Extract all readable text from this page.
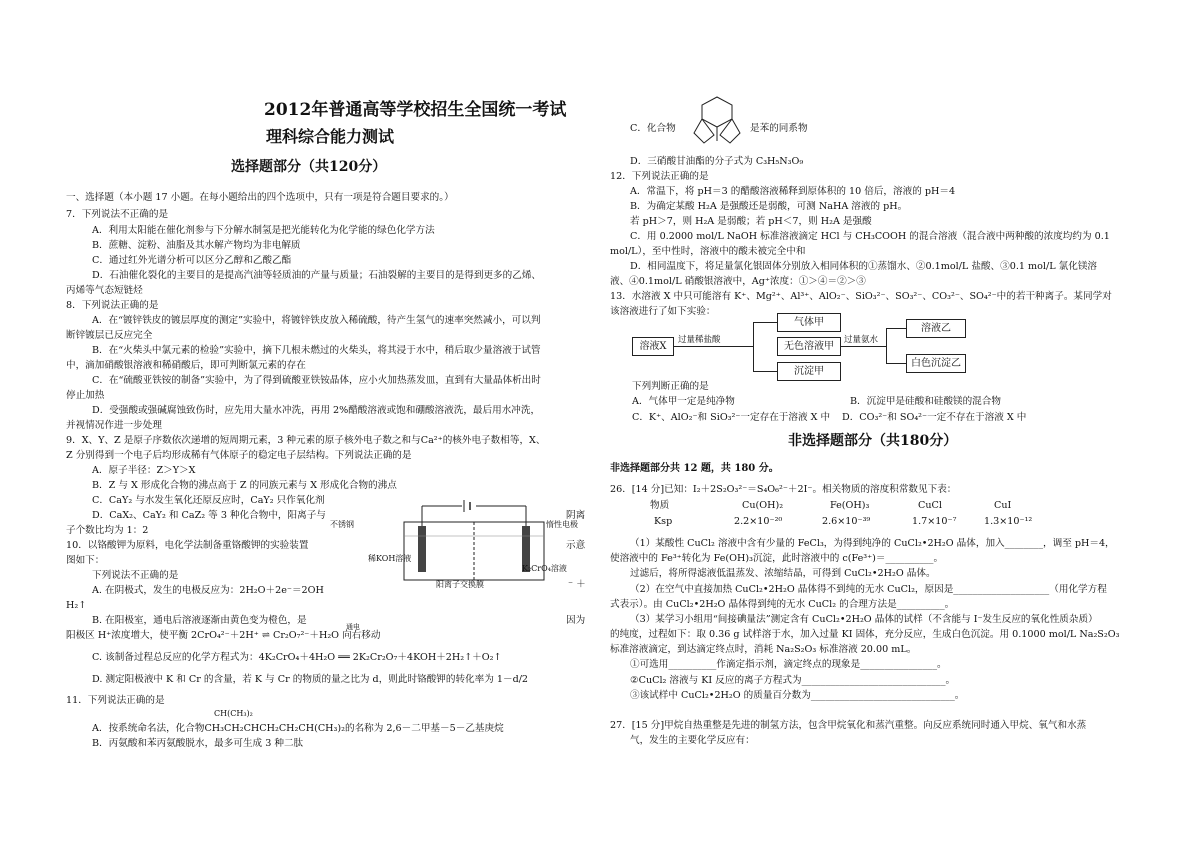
2012年普通高等学校招生全国统一考试
理科综合能力测试
选择题部分（共120分）
一、选择题（本小题 17 小题。在每小题给出的四个选项中，只有一项是符合题目要求的。）
7．下列说法不正确的是
A．利用太阳能在催化剂参与下分解水制氢是把光能转化为化学能的绿色化学方法
B．蔗糖、淀粉、油脂及其水解产物均为非电解质
C．通过红外光谱分析可以区分乙醇和乙酸乙酯
D．石油催化裂化的主要目的是提高汽油等轻质油的产量与质量；石油裂解的主要目的是得到更多的乙烯、
丙烯等气态短链烃
8．下列说法正确的是
A．在“镀锌铁皮的镀层厚度的测定”实验中，将镀锌铁皮放入稀硫酸，待产生氢气的速率突然减小，可以判
断锌镀层已反应完全
B．在“火柴头中氯元素的检验”实验中，摘下几根未燃过的火柴头，将其浸于水中，稍后取少量溶液于试管
中，滴加硝酸银溶液和稀硝酸后，即可判断氯元素的存在
C．在“硫酸亚铁铵的制备”实验中，为了得到硫酸亚铁铵晶体，应小火加热蒸发皿，直到有大量晶体析出时
停止加热
D．受强酸或强碱腐蚀致伤时，应先用大量水冲洗，再用 2%醋酸溶液或饱和硼酸溶液洗，最后用水冲洗，
并视情况作进一步处理
9．X、Y、Z 是原子序数依次递增的短周期元素，3 种元素的原子核外电子数之和与Ca²⁺的核外电子数相等，X、
Z 分别得到一个电子后均形成稀有气体原子的稳定电子层结构。下列说法正确的是
A．原子半径：Z＞Y＞X
B．Z 与 X 形成化合物的沸点高于 Z 的同族元素与 X 形成化合物的沸点
C．CaY₂ 与水发生氧化还原反应时，CaY₂ 只作氧化剂
D．CaX₂、CaY₂ 和 CaZ₂ 等 3 种化合物中，阳离子与	阴离
子个数比均为 1：2
10．以铬酸钾为原料，电化学法制备重铬酸钾的实验装置	示意
图如下：
下列说法不正确的是
A. 在阴极式，发生的电极反应为：2H₂O＋2e⁻＝2OH
⁻ ＋
H₂↑
B. 在阳极室，通电后溶液逐渐由黄色变为橙色，是	因为
阳极区 H⁺浓度增大，使平衡 2CrO₄²⁻＋2H⁺ ⇌ Cr₂O₇²⁻＋H₂O 向右移动
通电
C. 该制备过程总反应的化学方程式为：4K₂CrO₄＋4H₂O ══ 2K₂Cr₂O₇＋4KOH＋2H₂↑＋O₂↑
D. 测定阳极液中 K 和 Cr 的含量，若 K 与 Cr 的物质的量之比为 d，则此时铬酸钾的转化率为 1－d/2
11．下列说法正确的是
CH(CH₃)₂
A．按系统命名法，化合物CH₃CH₂CHCH₂CH₂CH(CH₃)₂的名称为 2,6－二甲基－5－乙基庚烷
B．丙氨酸和苯丙氨酸脱水，最多可生成 3 种二肽
不锈钢	惰性电极
稀KOH溶液
K₂CrO₄溶液
阳离子交换膜
C．化合物	是苯的同系物
D．三硝酸甘油酯的分子式为 C₃H₅N₃O₉
12．下列说法正确的是
A．常温下，将 pH＝3 的醋酸溶液稀释到原体积的 10 倍后，溶液的 pH＝4
B．为确定某酸 H₂A 是强酸还是弱酸，可测 NaHA 溶液的 pH。
若 pH＞7，则 H₂A 是弱酸；若 pH＜7，则 H₂A 是强酸
C．用 0.2000 mol/L NaOH 标准溶液滴定 HCl 与 CH₃COOH 的混合溶液（混合液中两种酸的浓度均约为 0.1
mol/L），至中性时，溶液中的酸未被完全中和
D．相同温度下，将足量氯化银固体分别放入相同体积的①蒸馏水、②0.1mol/L 盐酸、③0.1 mol/L 氯化镁溶
液、④0.1mol/L 硝酸银溶液中，Ag⁺浓度：①＞④＝②＞③
13．水溶液 X 中只可能溶有 K⁺、Mg²⁺、Al³⁺、AlO₂⁻、SiO₃²⁻、SO₃²⁻、CO₃²⁻、SO₄²⁻中的若干种离子。某同学对
该溶液进行了如下实验：
溶液X
过量稀盐酸
气体甲
无色溶液甲
沉淀甲
过量氨水
溶液乙
白色沉淀乙
下列判断正确的是
A．气体甲一定是纯净物	B．沉淀甲是硅酸和硅酸镁的混合物
C．K⁺、AlO₂⁻和 SiO₃²⁻一定存在于溶液 X 中 D．CO₃²⁻和 SO₄²⁻一定不存在于溶液 X 中
非选择题部分（共180分）
非选择题部分共 12 题，共 180 分。
26．[14 分]已知：I₂＋2S₂O₃²⁻＝S₄O₆²⁻＋2I⁻。相关物质的溶度积常数见下表：
物质	Cu(OH)₂	Fe(OH)₃	CuCl	CuI
Ksp	2.2×10⁻²⁰	2.6×10⁻³⁹	1.7×10⁻⁷	1.3×10⁻¹²
（1）某酸性 CuCl₂ 溶液中含有少量的 FeCl₃，为得到纯净的 CuCl₂•2H₂O 晶体，加入________，调至 pH＝4，
使溶液中的 Fe³⁺转化为 Fe(OH)₃沉淀，此时溶液中的 c(Fe³⁺)＝__________。
过滤后，将所得滤液低温蒸发、浓缩结晶，可得到 CuCl₂•2H₂O 晶体。
（2）在空气中直接加热 CuCl₂•2H₂O 晶体得不到纯的无水 CuCl₂，原因是____________________（用化学方程
式表示）。由 CuCl₂•2H₂O 晶体得到纯的无水 CuCl₂ 的合理方法是__________。
（3）某学习小组用“间接碘量法”测定含有 CuCl₂•2H₂O 晶体的试样（不含能与 I⁻发生反应的氧化性质杂质）
的纯度，过程如下：取 0.36 g 试样溶于水，加入过量 KI 固体，充分反应，生成白色沉淀。用 0.1000 mol/L Na₂S₂O₃
标准溶液滴定，到达滴定终点时，消耗 Na₂S₂O₃ 标准溶液 20.00 mL。
①可选用__________作滴定指示剂，滴定终点的现象是________________。
②CuCl₂ 溶液与 KI 反应的离子方程式为______________________________。
③该试样中 CuCl₂•2H₂O 的质量百分数为______________________________。
27．[15 分]甲烷自热重整是先进的制氢方法，包含甲烷氧化和蒸汽重整。向反应系统同时通入甲烷、氧气和水蒸
气，发生的主要化学反应有：
